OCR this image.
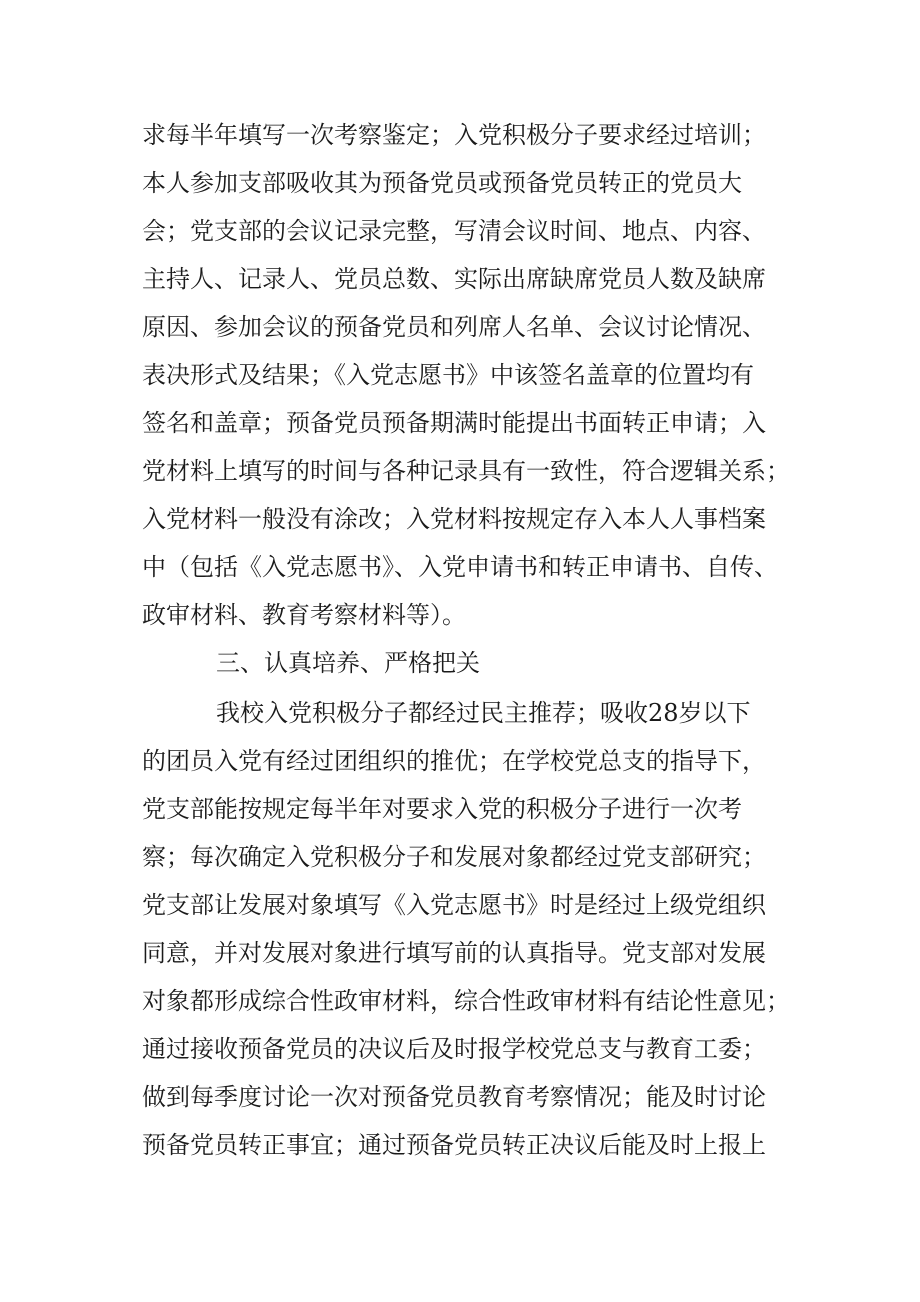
求每半年填写一次考察鉴定；入党积极分子要求经过培训；
本人参加支部吸收其为预备党员或预备党员转正的党员大
会；党支部的会议记录完整，写清会议时间、地点、内容、
主持人、记录人、党员总数、实际出席缺席党员人数及缺席
原因、参加会议的预备党员和列席人名单、会议讨论情况、
表决形式及结果；《入党志愿书》中该签名盖章的位置均有
签名和盖章；预备党员预备期满时能提出书面转正申请；入
党材料上填写的时间与各种记录具有一致性，符合逻辑关系；
入党材料一般没有涂改；入党材料按规定存入本人人事档案
中（包括《入党志愿书》、入党申请书和转正申请书、自传、
政审材料、教育考察材料等）。
三、认真培养、严格把关
我校入党积极分子都经过民主推荐；吸收28岁以下
的团员入党有经过团组织的推优；在学校党总支的指导下，
党支部能按规定每半年对要求入党的积极分子进行一次考
察；每次确定入党积极分子和发展对象都经过党支部研究；
党支部让发展对象填写《入党志愿书》时是经过上级党组织
同意，并对发展对象进行填写前的认真指导。党支部对发展
对象都形成综合性政审材料，综合性政审材料有结论性意见；
通过接收预备党员的决议后及时报学校党总支与教育工委；
做到每季度讨论一次对预备党员教育考察情况；能及时讨论
预备党员转正事宜；通过预备党员转正决议后能及时上报上
